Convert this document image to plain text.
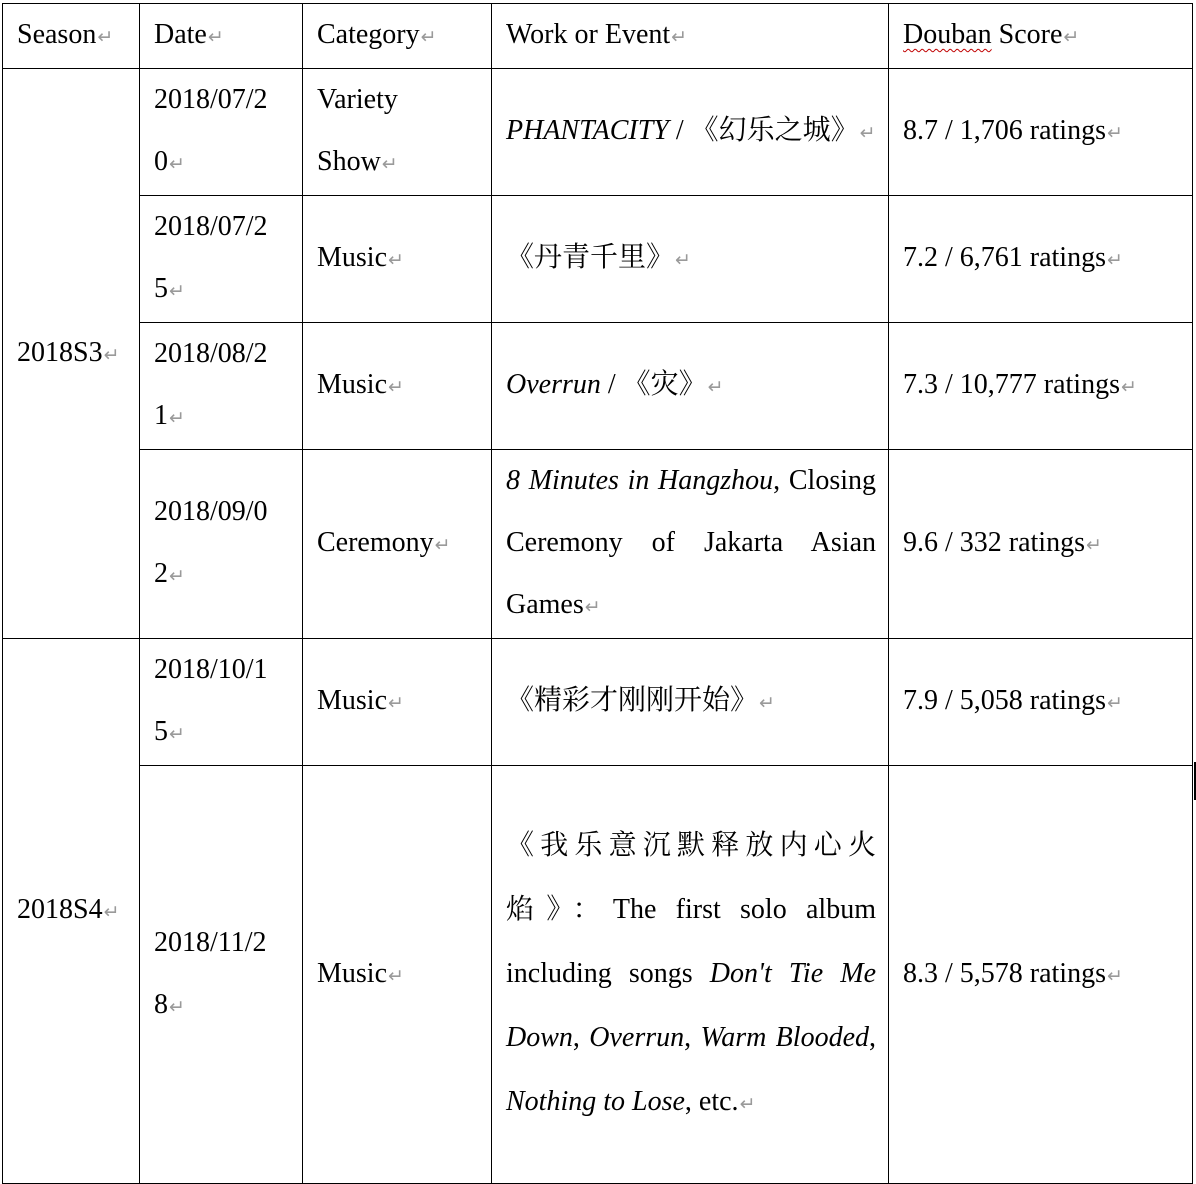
Season ↵	Date ↵	Category ↵	Work or Event ↵	Douban Score ↵
2018S3 ↵	2018/07/2
0 ↵	Variety
Show ↵	PHANTACITY / 《幻乐之城》 ↵	8.7 / 1,706 ratings ↵
	2018/07/2
5 ↵	Music ↵	《丹青千里》 ↵	7.2 / 6,761 ratings ↵
	2018/08/2
1 ↵	Music ↵	Overrun / 《灾》 ↵	7.3 / 10,777 ratings ↵
	2018/09/0
2 ↵	Ceremony ↵	8 Minutes in Hangzhou, Closing Ceremony of Jakarta Asian Games ↵	9.6 / 332 ratings ↵
2018S4 ↵	2018/10/1
5 ↵	Music ↵	《精彩才刚刚开始》 ↵	7.9 / 5,058 ratings ↵
	2018/11/2
8 ↵	Music ↵	《我乐意沉默释放内心火焰》：The first solo album including songs Don't Tie Me Down, Overrun, Warm Blooded, Nothing to Lose, etc. ↵	8.3 / 5,578 ratings ↵
